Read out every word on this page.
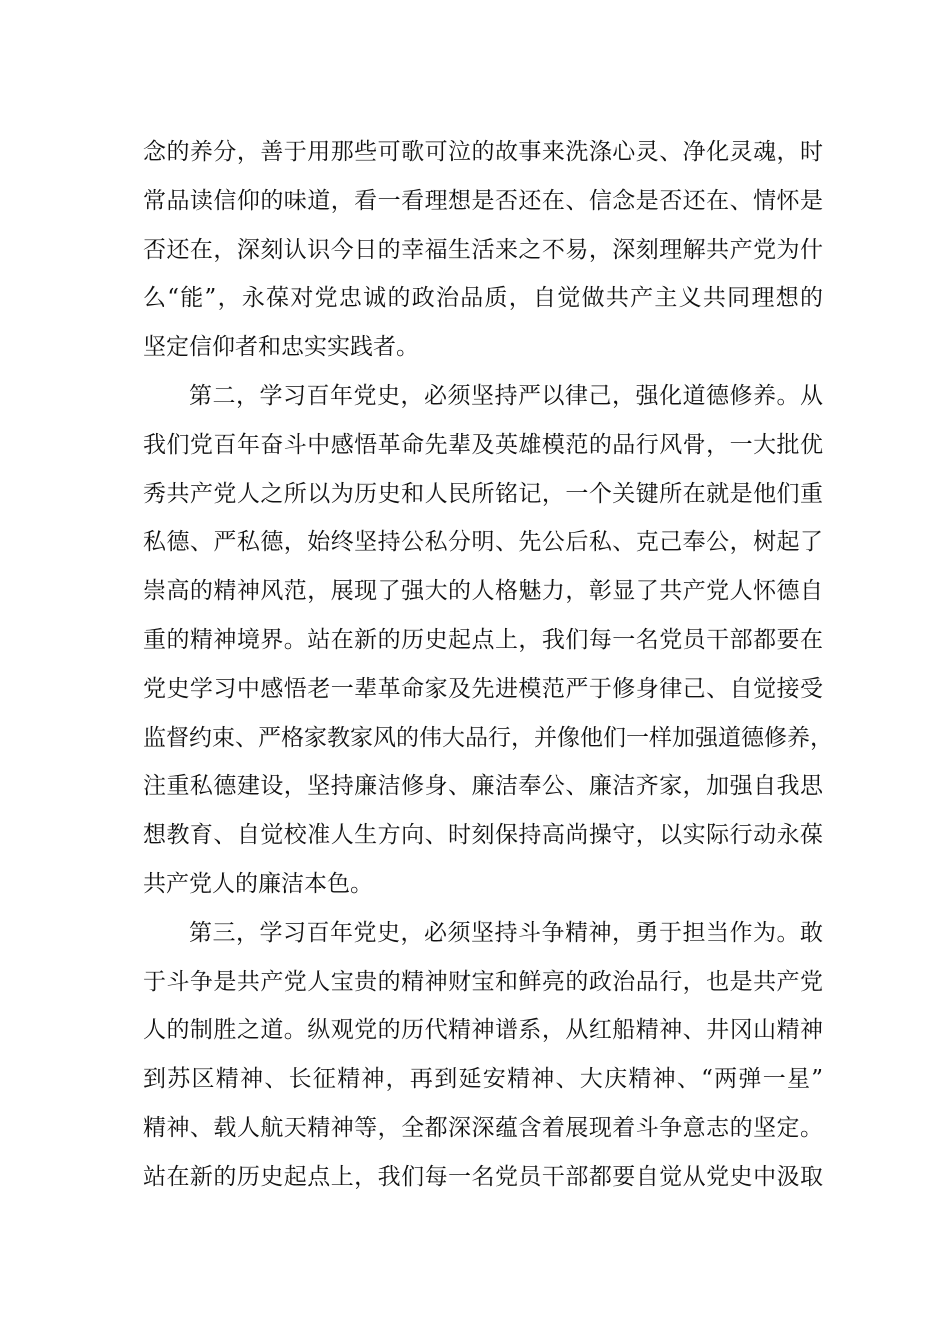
念的养分，善于用那些可歌可泣的故事来洗涤心灵、净化灵魂，时
常品读信仰的味道，看一看理想是否还在、信念是否还在、情怀是
否还在，深刻认识今日的幸福生活来之不易，深刻理解共产党为什
么“能”，永葆对党忠诚的政治品质，自觉做共产主义共同理想的
坚定信仰者和忠实实践者。
第二，学习百年党史，必须坚持严以律己，强化道德修养。从
我们党百年奋斗中感悟革命先辈及英雄模范的品行风骨，一大批优
秀共产党人之所以为历史和人民所铭记，一个关键所在就是他们重
私德、严私德，始终坚持公私分明、先公后私、克己奉公，树起了
崇高的精神风范，展现了强大的人格魅力，彰显了共产党人怀德自
重的精神境界。站在新的历史起点上，我们每一名党员干部都要在
党史学习中感悟老一辈革命家及先进模范严于修身律己、自觉接受
监督约束、严格家教家风的伟大品行，并像他们一样加强道德修养，
注重私德建设，坚持廉洁修身、廉洁奉公、廉洁齐家，加强自我思
想教育、自觉校准人生方向、时刻保持高尚操守，以实际行动永葆
共产党人的廉洁本色。
第三，学习百年党史，必须坚持斗争精神，勇于担当作为。敢
于斗争是共产党人宝贵的精神财宝和鲜亮的政治品行，也是共产党
人的制胜之道。纵观党的历代精神谱系，从红船精神、井冈山精神
到苏区精神、长征精神，再到延安精神、大庆精神、“两弹一星”
精神、载人航天精神等，全都深深蕴含着展现着斗争意志的坚定。
站在新的历史起点上，我们每一名党员干部都要自觉从党史中汲取
